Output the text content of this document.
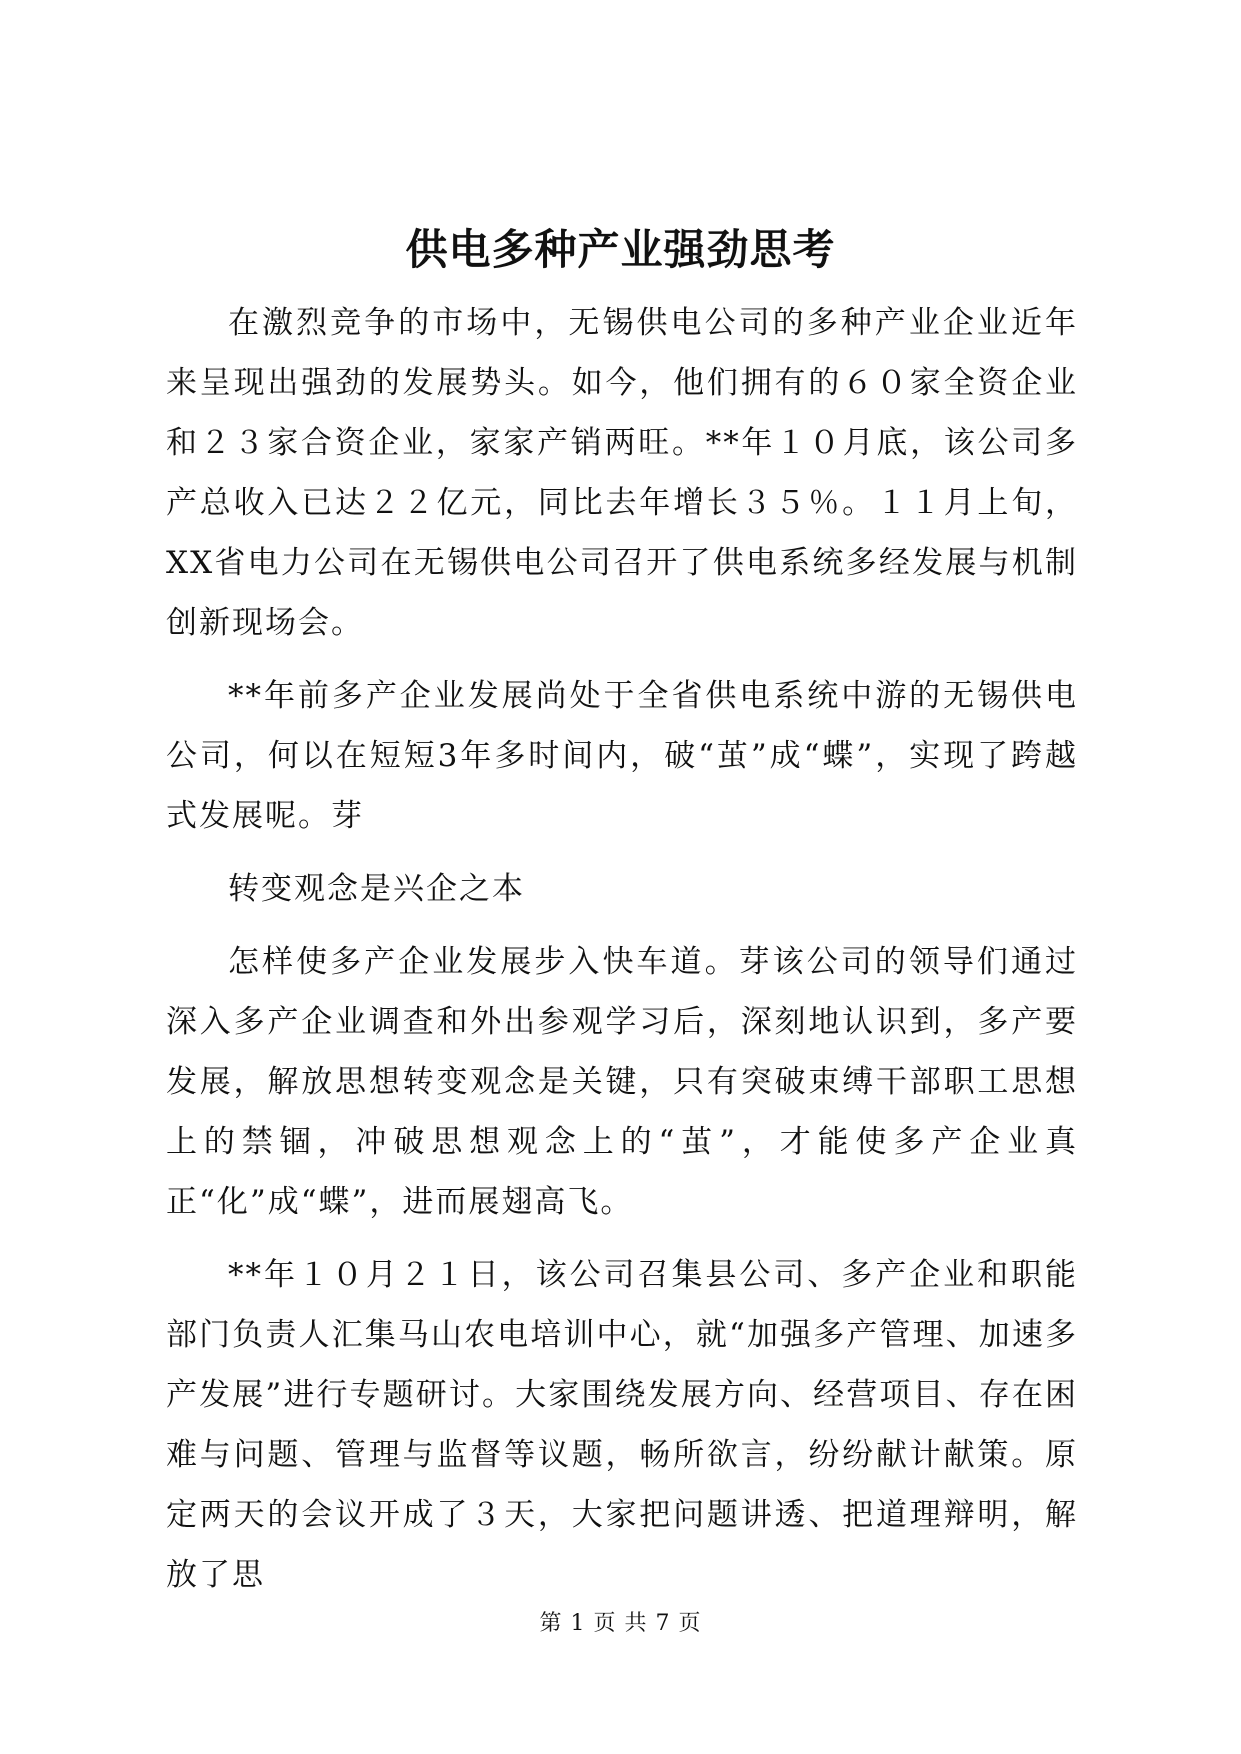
供电多种产业强劲思考

在激烈竞争的市场中，无锡供电公司的多种产业企业近年来呈现出强劲的发展势头。如今，他们拥有的６０家全资企业和２３家合资企业，家家产销两旺。**年１０月底，该公司多产总收入已达２２亿元，同比去年增长３５％。１１月上旬，XX省电力公司在无锡供电公司召开了供电系统多经发展与机制创新现场会。

**年前多产企业发展尚处于全省供电系统中游的无锡供电公司，何以在短短3年多时间内，破“茧”成“蝶”，实现了跨越式发展呢。芽

转变观念是兴企之本

怎样使多产企业发展步入快车道。芽该公司的领导们通过深入多产企业调查和外出参观学习后，深刻地认识到，多产要发展，解放思想转变观念是关键，只有突破束缚干部职工思想上的禁锢，冲破思想观念上的“茧”，才能使多产企业真正“化”成“蝶”，进而展翅高飞。

**年１０月２１日，该公司召集县公司、多产企业和职能部门负责人汇集马山农电培训中心，就“加强多产管理、加速多产发展”进行专题研讨。大家围绕发展方向、经营项目、存在困难与问题、管理与监督等议题，畅所欲言，纷纷献计献策。原定两天的会议开成了３天，大家把问题讲透、把道理辩明，解放了思

第 1 页 共 7 页
